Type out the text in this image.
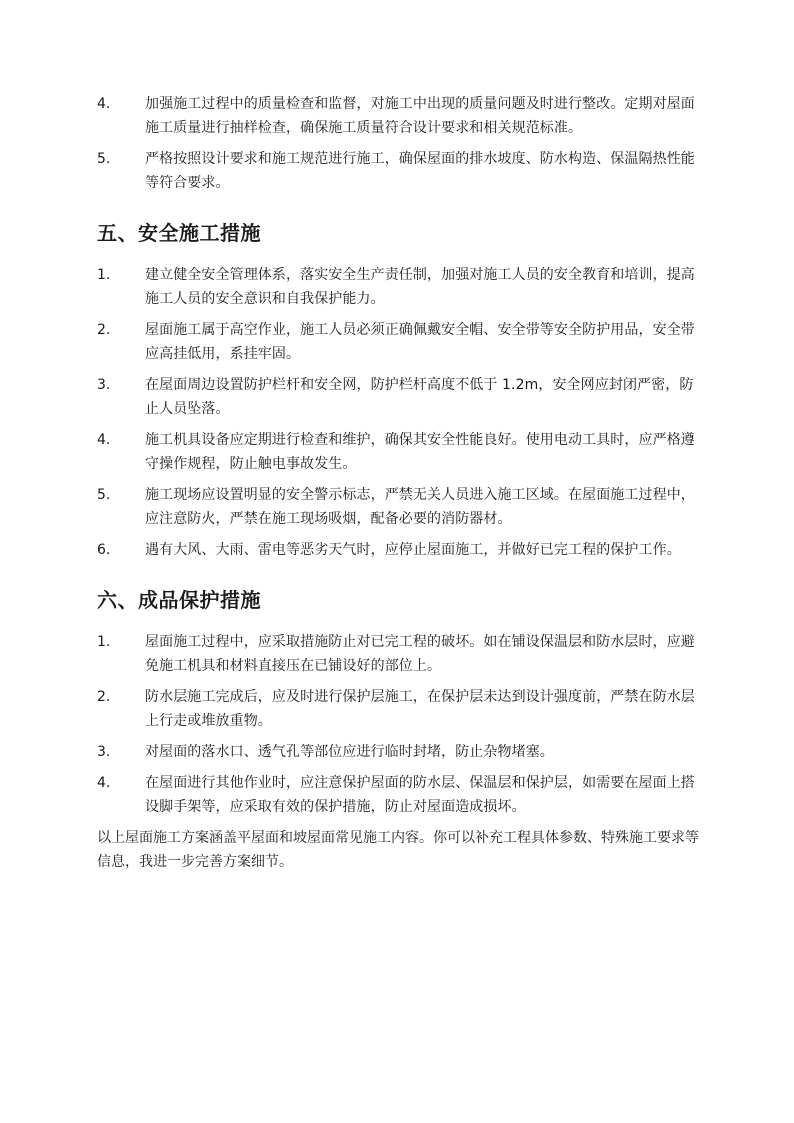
4.	加强施工过程中的质量检查和监督，对施工中出现的质量问题及时进行整改。定期对屋面施工质量进行抽样检查，确保施工质量符合设计要求和相关规范标准。
5.	严格按照设计要求和施工规范进行施工，确保屋面的排水坡度、防水构造、保温隔热性能等符合要求。
五、安全施工措施
1.	建立健全安全管理体系，落实安全生产责任制，加强对施工人员的安全教育和培训，提高施工人员的安全意识和自我保护能力。
2.	屋面施工属于高空作业，施工人员必须正确佩戴安全帽、安全带等安全防护用品，安全带应高挂低用，系挂牢固。
3.	在屋面周边设置防护栏杆和安全网，防护栏杆高度不低于 1.2m，安全网应封闭严密，防止人员坠落。
4.	施工机具设备应定期进行检查和维护，确保其安全性能良好。使用电动工具时，应严格遵守操作规程，防止触电事故发生。
5.	施工现场应设置明显的安全警示标志，严禁无关人员进入施工区域。在屋面施工过程中，应注意防火，严禁在施工现场吸烟，配备必要的消防器材。
6.	遇有大风、大雨、雷电等恶劣天气时，应停止屋面施工，并做好已完工程的保护工作。
六、成品保护措施
1.	屋面施工过程中，应采取措施防止对已完工程的破坏。如在铺设保温层和防水层时，应避免施工机具和材料直接压在已铺设好的部位上。
2.	防水层施工完成后，应及时进行保护层施工，在保护层未达到设计强度前，严禁在防水层上行走或堆放重物。
3.	对屋面的落水口、透气孔等部位应进行临时封堵，防止杂物堵塞。
4.	在屋面进行其他作业时，应注意保护屋面的防水层、保温层和保护层，如需要在屋面上搭设脚手架等，应采取有效的保护措施，防止对屋面造成损坏。

以上屋面施工方案涵盖平屋面和坡屋面常见施工内容。你可以补充工程具体参数、特殊施工要求等信息，我进一步完善方案细节。
